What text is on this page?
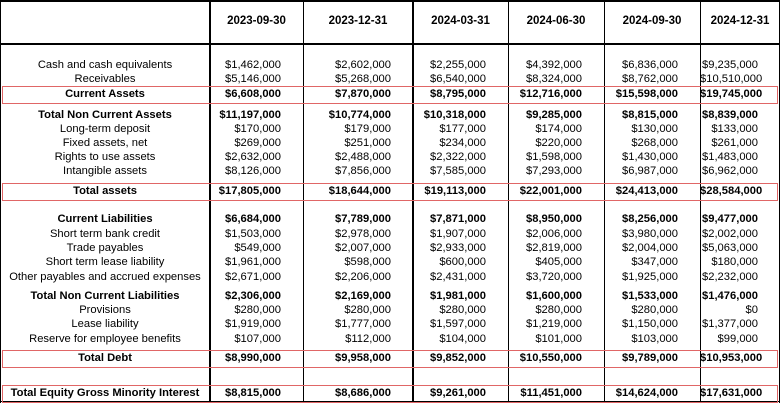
2023-09-30	2023-12-31	2024-03-31	2024-06-30	2024-09-30	2024-12-31
Cash and cash equivalents	$1,462,000	$2,602,000	$2,255,000	$4,392,000	$6,836,000 $9,235,000
Receivables	$5,146,000	$5,268,000	$6,540,000	$8,324,000	$8,762,000 $10,510,000
Current Assets	$6,608,000	$7,870,000	$8,795,000	$12,716,000	$15,598,000 $19,745,000
Total Non Current Assets	$11,197,000	$10,774,000	$10,318,000	$9,285,000	$8,815,000 $8,839,000
Long-term deposit	$170,000	$179,000	$177,000	$174,000	$130,000	$133,000
Fixed assets, net	$269,000	$251,000	$234,000	$220,000	$268,000	$261,000
Rights to use assets	$2,632,000	$2,488,000	$2,322,000	$1,598,000	$1,430,000 $1,483,000
Intangible assets	$8,126,000	$7,856,000	$7,585,000	$7,293,000	$6,987,000 $6,962,000
Total assets	$17,805,000	$18,644,000	$19,113,000	$22,001,000	$24,413,000 $28,584,000
Current Liabilities	$6,684,000	$7,789,000	$7,871,000	$8,950,000	$8,256,000 $9,477,000
Short term bank credit	$1,503,000	$2,978,000	$1,907,000	$2,006,000	$3,980,000 $2,002,000
Trade payables	$549,000	$2,007,000	$2,933,000	$2,819,000	$2,004,000 $5,063,000
Short term lease liability	$1,961,000	$598,000	$600,000	$405,000	$347,000	$180,000
Other payables and accrued expenses	$2,671,000	$2,206,000	$2,431,000	$3,720,000	$1,925,000 $2,232,000
Total Non Current Liabilities	$2,306,000	$2,169,000	$1,981,000	$1,600,000	$1,533,000 $1,476,000
Provisions	$280,000	$280,000	$280,000	$280,000	$280,000	$0
Lease liability	$1,919,000	$1,777,000	$1,597,000	$1,219,000	$1,150,000 $1,377,000
Reserve for employee benefits	$107,000	$112,000	$104,000	$101,000	$103,000	$99,000
Total Debt	$8,990,000	$9,958,000	$9,852,000	$10,550,000	$9,789,000 $10,953,000
Total Equity Gross Minority Interest	$8,815,000	$8,686,000	$9,261,000	$11,451,000	$14,624,000 $17,631,000
